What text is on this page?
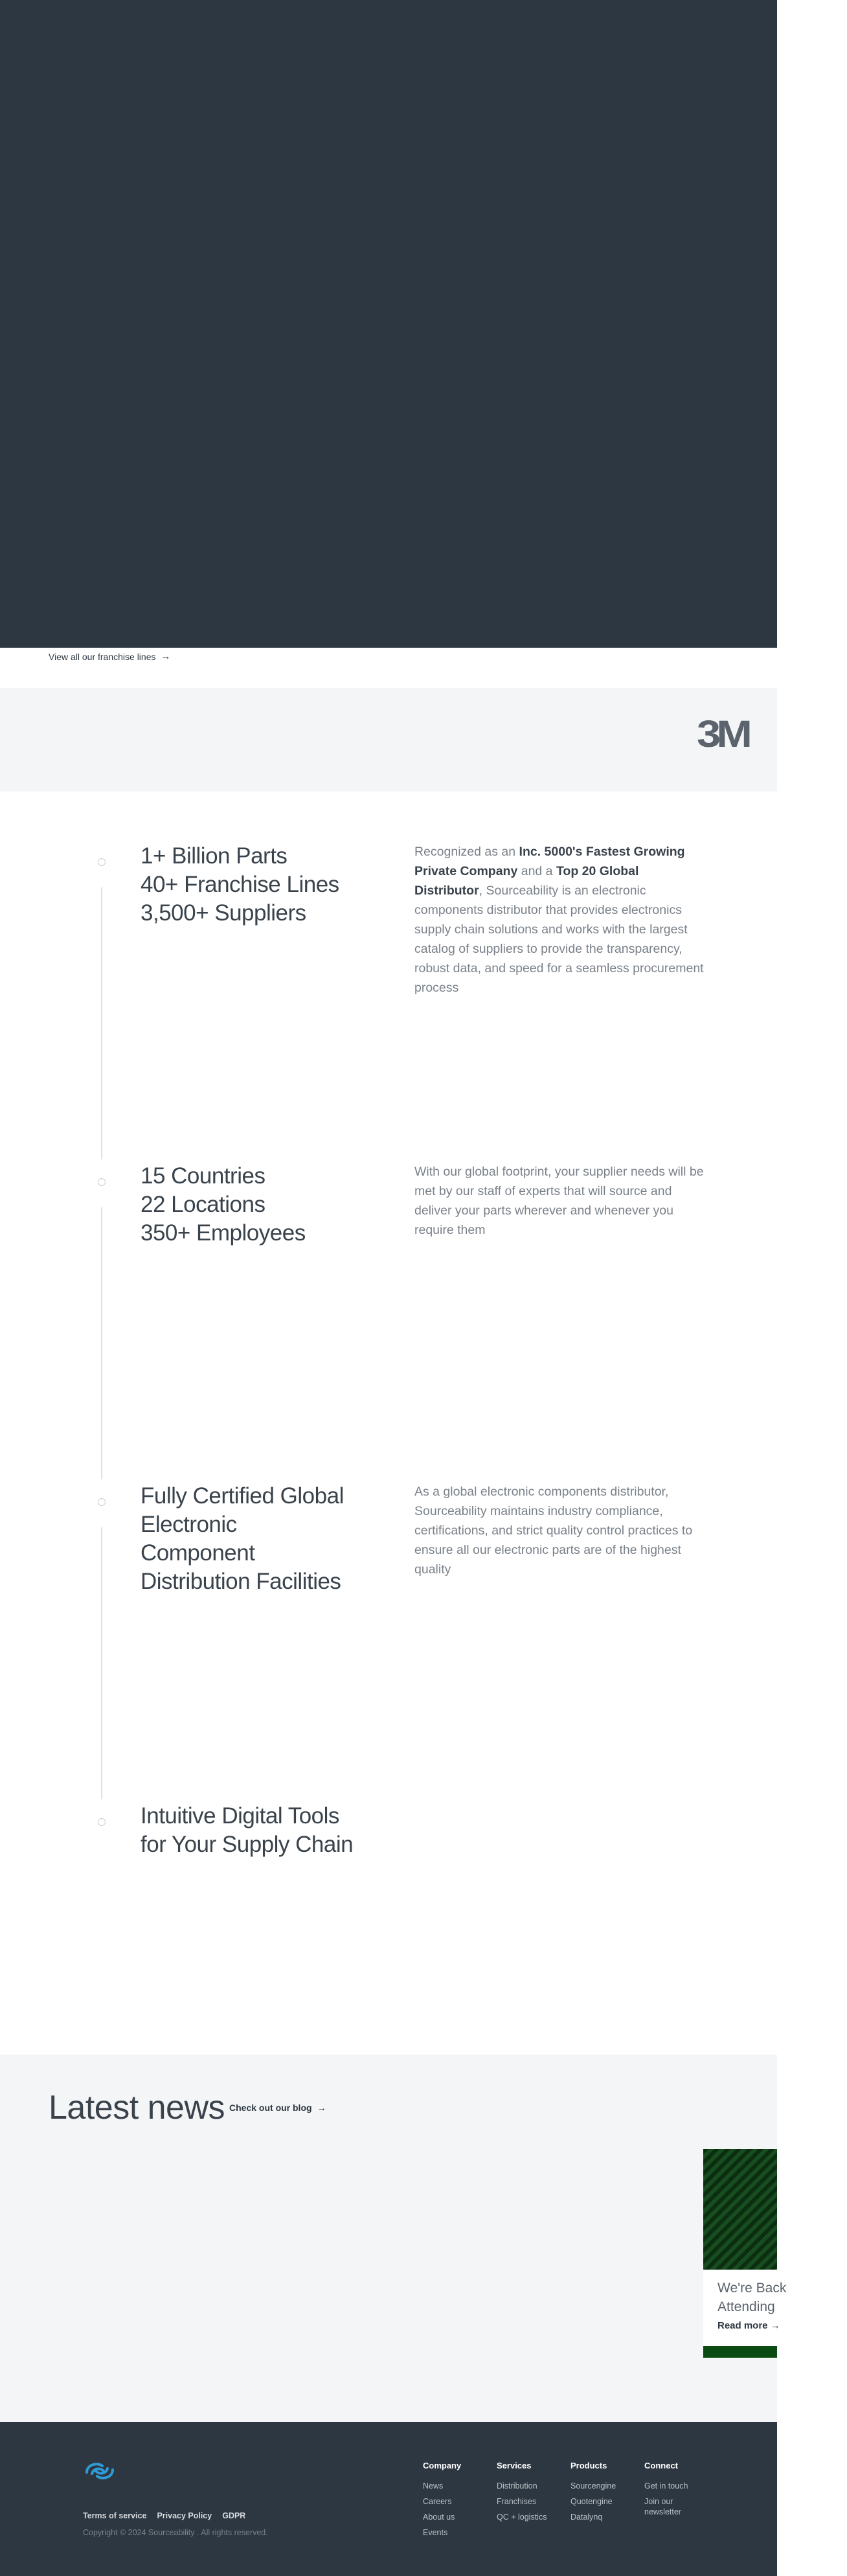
View all our franchise lines →
3M
1+ Billion Parts
40+ Franchise Lines
3,500+ Suppliers

Recognized as an Inc. 5000's Fastest Growing Private Company and a Top 20 Global Distributor, Sourceability is an electronic components distributor that provides electronics supply chain solutions and works with the largest catalog of suppliers to provide the transparency, robust data, and speed for a seamless procurement process

15 Countries
22 Locations
350+ Employees

With our global footprint, your supplier needs will be met by our staff of experts that will source and deliver your parts wherever and whenever you require them

Fully Certified Global
Electronic
Component
Distribution Facilities

As a global electronic components distributor, Sourceability maintains industry compliance, certifications, and strict quality control practices to ensure all our electronic parts are of the highest quality

Intuitive Digital Tools
for Your Supply Chain
Latest news Check out our blog →
We're Back
Attending
Read more →
Terms of service Privacy Policy GDPR
Copyright © 2024 Sourceability . All rights reserved.
Company
News
Careers
About us
Events
Services
Distribution
Franchises
QC + logistics
Products
Sourcengine
Quotengine
Datalynq
Connect
Get in touch
Join our newsletter
